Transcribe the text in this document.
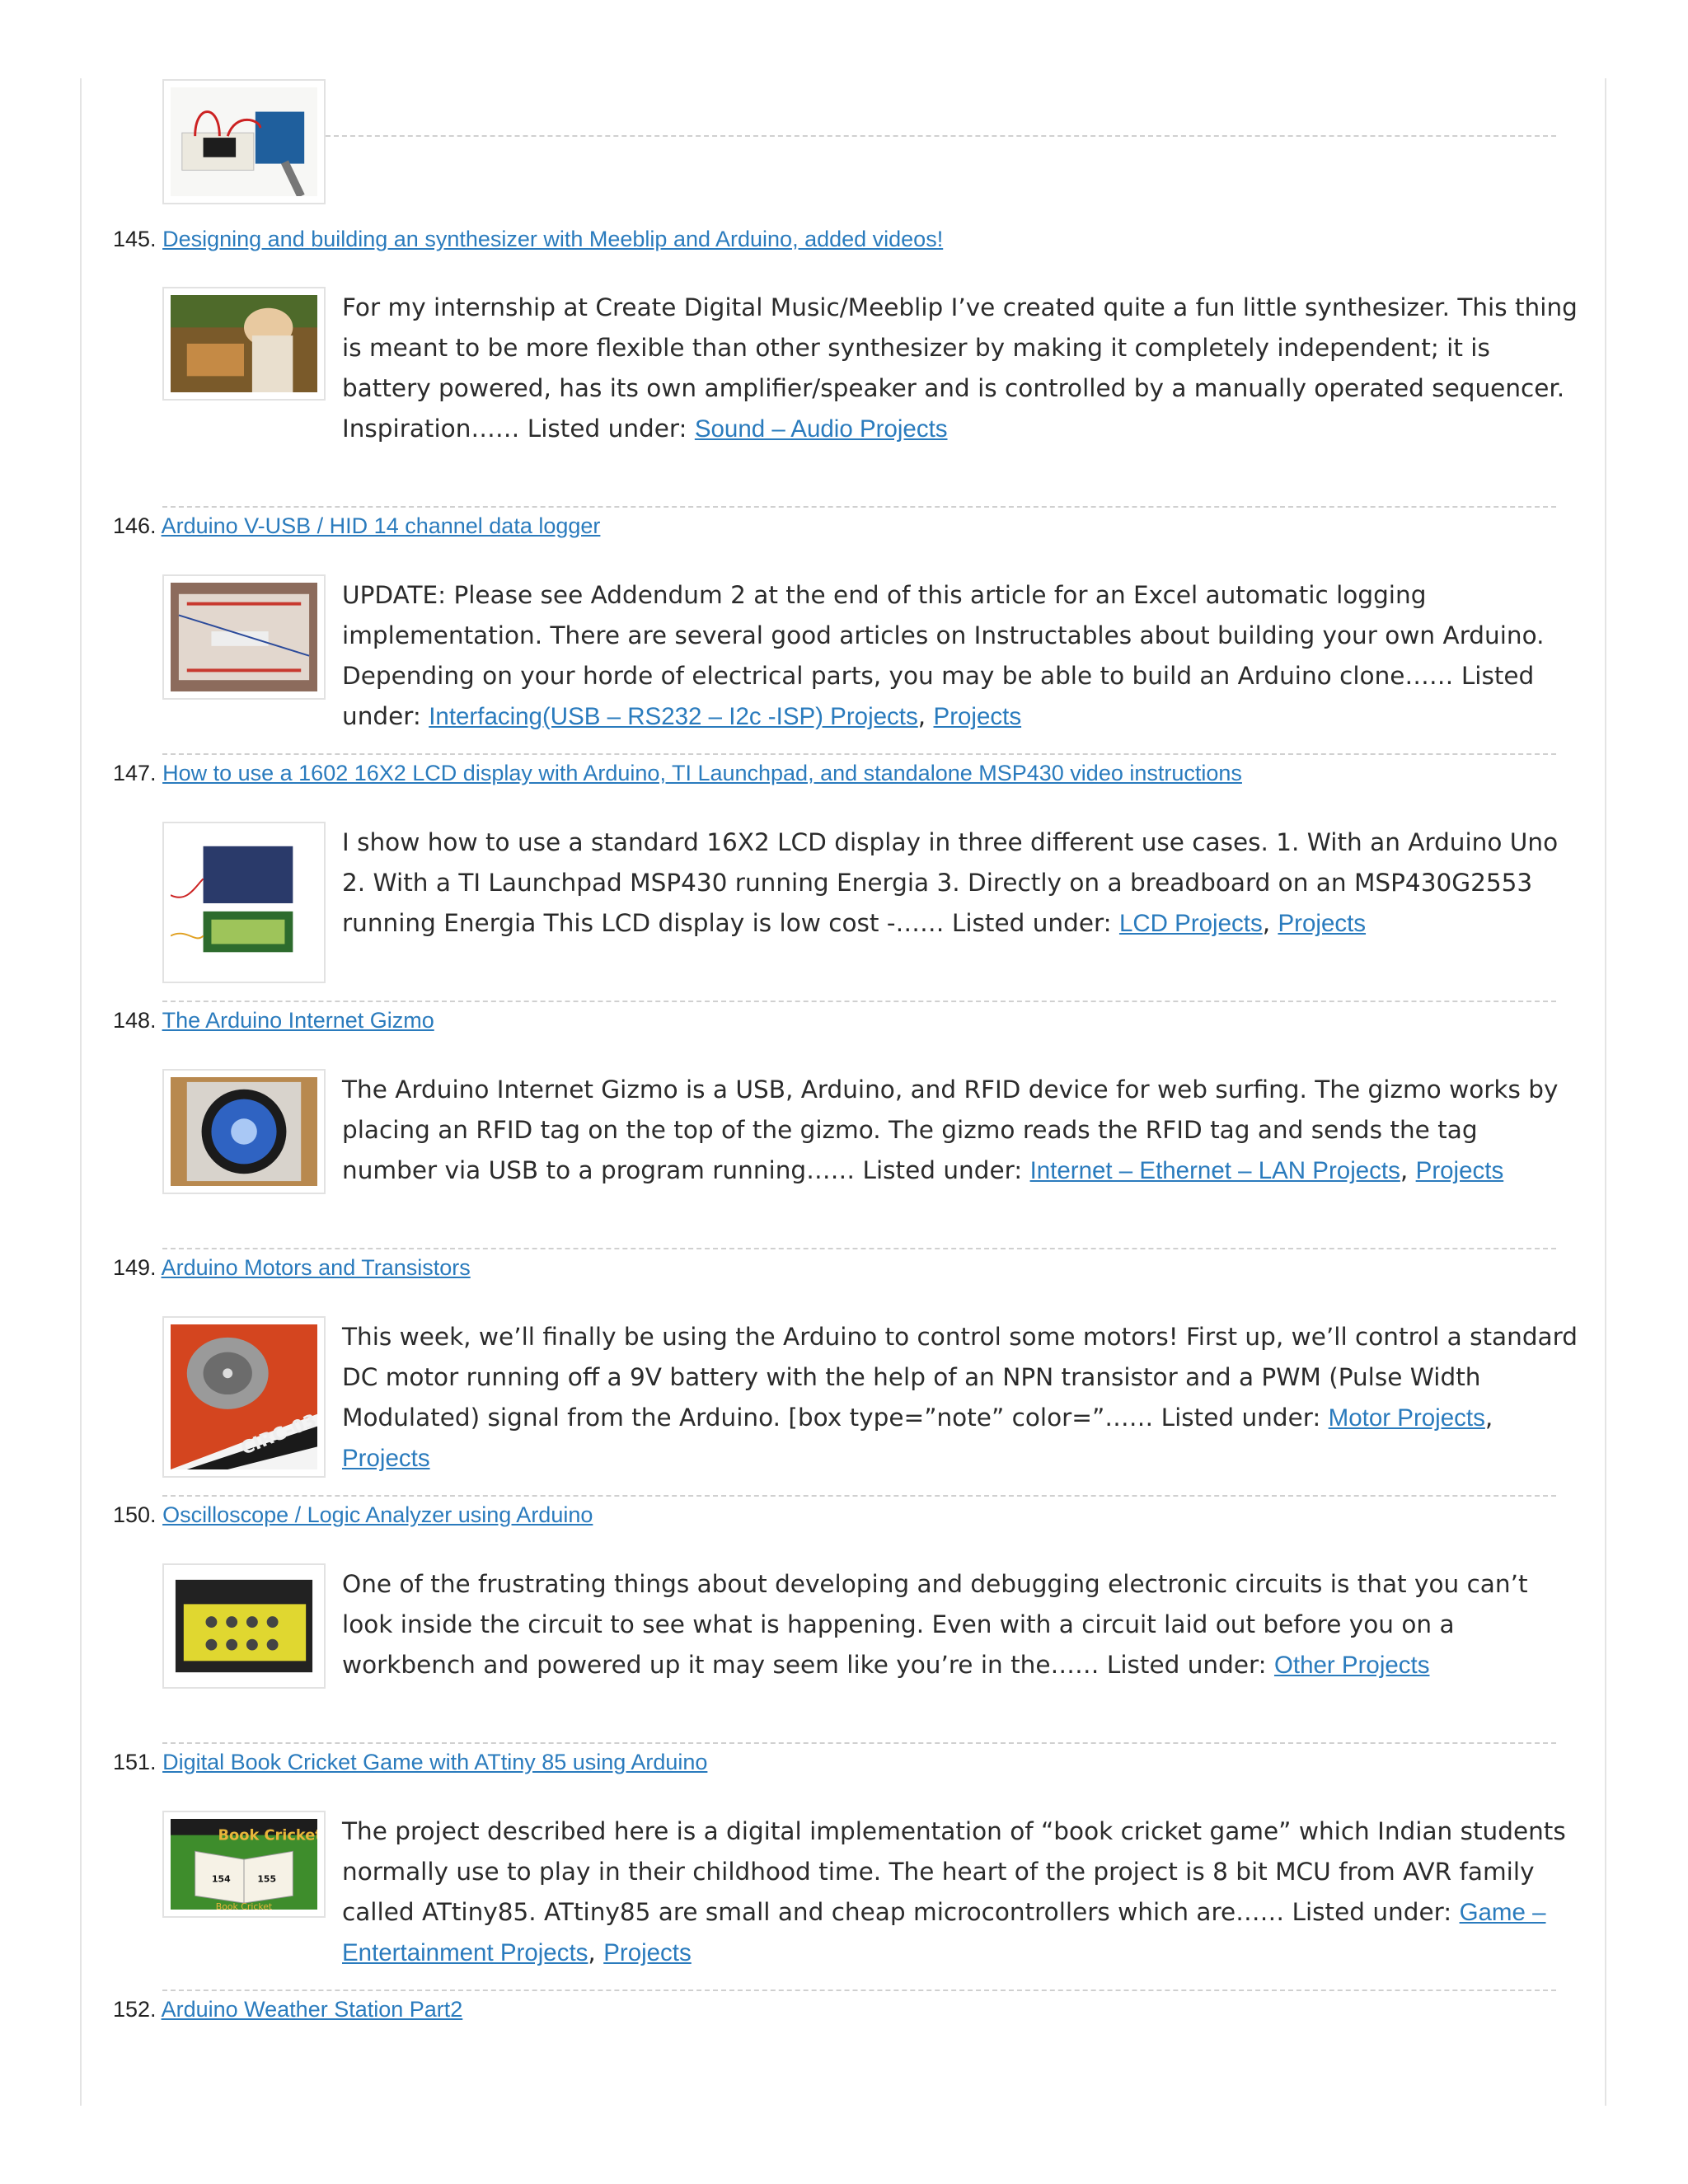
145. Designing and building an synthesizer with Meeblip and Arduino, added videos!
For my internship at Create Digital Music/Meeblip I’ve created quite a fun little synthesizer. This thing is meant to be more flexible than other synthesizer by making it completely independent; it is battery powered, has its own amplifier/speaker and is controlled by a manually operated sequencer. Inspiration…… Listed under: Sound – Audio Projects
146. Arduino V-USB / HID 14 channel data logger
UPDATE: Please see Addendum 2 at the end of this article for an Excel automatic logging implementation. There are several good articles on Instructables about building your own Arduino. Depending on your horde of electrical parts, you may be able to build an Arduino clone…… Listed under: Interfacing(USB – RS232 – I2c -ISP) Projects, Projects
147. How to use a 1602 16X2 LCD display with Arduino, TI Launchpad, and standalone MSP430 video instructions
I show how to use a standard 16X2 LCD display in three different use cases. 1. With an Arduino Uno 2. With a TI Launchpad MSP430 running Energia 3. Directly on a breadboard on an MSP430G2553 running Energia This LCD display is low cost -…… Listed under: LCD Projects, Projects
148. The Arduino Internet Gizmo
The Arduino Internet Gizmo is a USB, Arduino, and RFID device for web surfing. The gizmo works by placing an RFID tag on the top of the gizmo. The gizmo reads the RFID tag and sends the tag number via USB to a program running…… Listed under: Internet – Ethernet – LAN Projects, Projects
149. Arduino Motors and Transistors
CIRC-03
This week, we’ll finally be using the Arduino to control some motors! First up, we’ll control a standard DC motor running off a 9V battery with the help of an NPN transistor and a PWM (Pulse Width Modulated) signal from the Arduino. [box type=”note” color=”…… Listed under: Motor Projects, Projects
150. Oscilloscope / Logic Analyzer using Arduino
One of the frustrating things about developing and debugging electronic circuits is that you can’t look inside the circuit to see what is happening. Even with a circuit laid out before you on a workbench and powered up it may seem like you’re in the…… Listed under: Other Projects
151. Digital Book Cricket Game with ATtiny 85 using Arduino
Book Cricket
154	155
Book Cricket
The project described here is a digital implementation of “book cricket game” which Indian students normally use to play in their childhood time. The heart of the project is 8 bit MCU from AVR family called ATtiny85. ATtiny85 are small and cheap microcontrollers which are…… Listed under: Game – Entertainment Projects, Projects
152. Arduino Weather Station Part2
